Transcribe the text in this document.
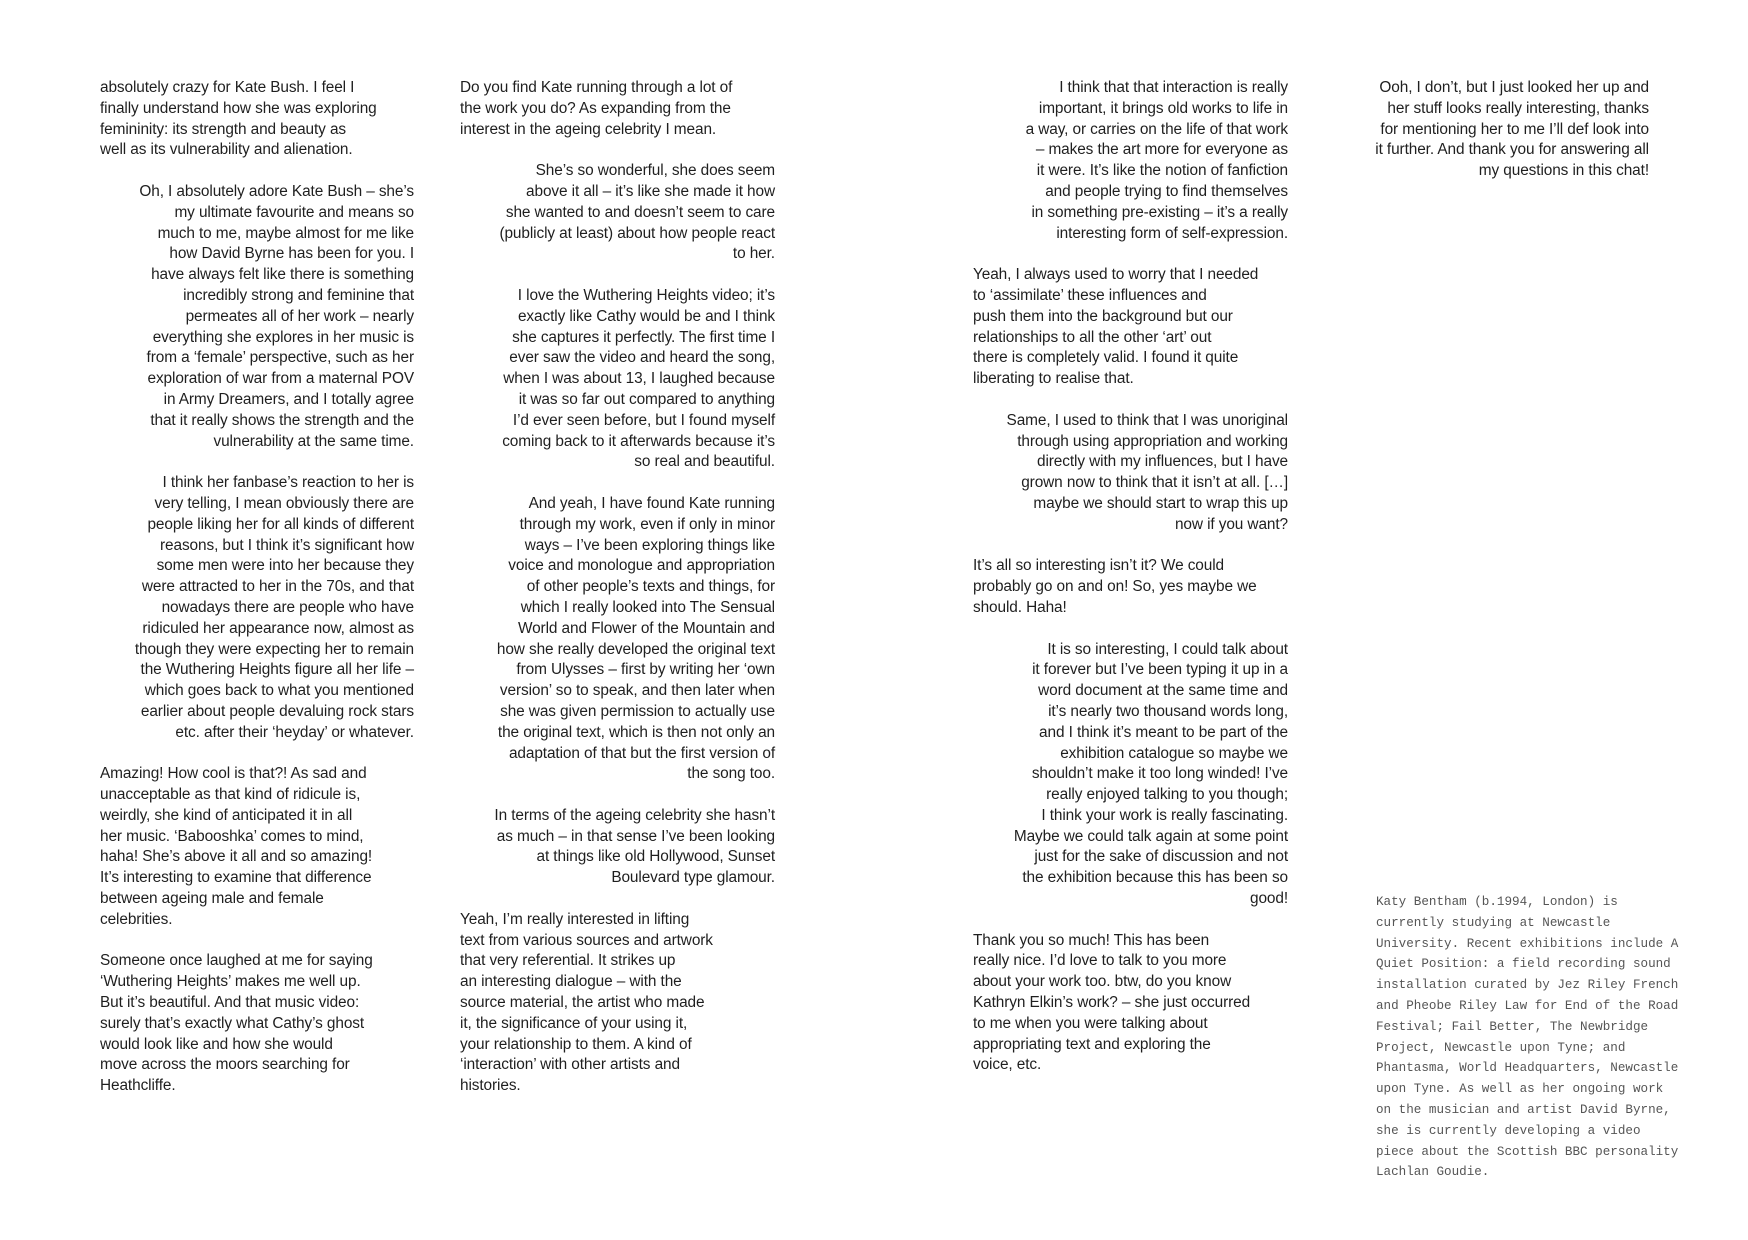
absolutely crazy for Kate Bush. I feel I
finally understand how she was exploring
femininity: its strength and beauty as
well as its vulnerability and alienation.

Oh, I absolutely adore Kate Bush – she’s
my ultimate favourite and means so
much to me, maybe almost for me like
how David Byrne has been for you. I
have always felt like there is something
incredibly strong and feminine that
permeates all of her work – nearly
everything she explores in her music is
from a ‘female’ perspective, such as her
exploration of war from a maternal POV
in Army Dreamers, and I totally agree
that it really shows the strength and the
vulnerability at the same time.

I think her fanbase’s reaction to her is
very telling, I mean obviously there are
people liking her for all kinds of different
reasons, but I think it’s significant how
some men were into her because they
were attracted to her in the 70s, and that
nowadays there are people who have
ridiculed her appearance now, almost as
though they were expecting her to remain
the Wuthering Heights figure all her life –
which goes back to what you mentioned
earlier about people devaluing rock stars
etc. after their ‘heyday’ or whatever.

Amazing! How cool is that?! As sad and
unacceptable as that kind of ridicule is,
weirdly, she kind of anticipated it in all
her music. ‘Babooshka’ comes to mind,
haha! She’s above it all and so amazing!
It’s interesting to examine that difference
between ageing male and female
celebrities.

Someone once laughed at me for saying
‘Wuthering Heights’ makes me well up.
But it’s beautiful. And that music video:
surely that’s exactly what Cathy’s ghost
would look like and how she would
move across the moors searching for
Heathcliffe.

Do you find Kate running through a lot of
the work you do? As expanding from the
interest in the ageing celebrity I mean.

She’s so wonderful, she does seem
above it all – it’s like she made it how
she wanted to and doesn’t seem to care
(publicly at least) about how people react
to her.

I love the Wuthering Heights video; it’s
exactly like Cathy would be and I think
she captures it perfectly. The first time I
ever saw the video and heard the song,
when I was about 13, I laughed because
it was so far out compared to anything
I’d ever seen before, but I found myself
coming back to it afterwards because it’s
so real and beautiful.

And yeah, I have found Kate running
through my work, even if only in minor
ways – I’ve been exploring things like
voice and monologue and appropriation
of other people’s texts and things, for
which I really looked into The Sensual
World and Flower of the Mountain and
how she really developed the original text
from Ulysses – first by writing her ‘own
version’ so to speak, and then later when
she was given permission to actually use
the original text, which is then not only an
adaptation of that but the first version of
the song too.

In terms of the ageing celebrity she hasn’t
as much – in that sense I’ve been looking
at things like old Hollywood, Sunset
Boulevard type glamour.

Yeah, I’m really interested in lifting
text from various sources and artwork
that very referential. It strikes up
an interesting dialogue – with the
source material, the artist who made
it, the significance of your using it,
your relationship to them. A kind of
‘interaction’ with other artists and
histories.

I think that that interaction is really
important, it brings old works to life in
a way, or carries on the life of that work
– makes the art more for everyone as
it were. It’s like the notion of fanfiction
and people trying to find themselves
in something pre-existing – it’s a really
interesting form of self-expression.

Yeah, I always used to worry that I needed
to ‘assimilate’ these influences and
push them into the background but our
relationships to all the other ‘art’ out
there is completely valid. I found it quite
liberating to realise that.

Same, I used to think that I was unoriginal
through using appropriation and working
directly with my influences, but I have
grown now to think that it isn’t at all. […]
maybe we should start to wrap this up
now if you want?

It’s all so interesting isn’t it? We could
probably go on and on! So, yes maybe we
should. Haha!

It is so interesting, I could talk about
it forever but I’ve been typing it up in a
word document at the same time and
it’s nearly two thousand words long,
and I think it’s meant to be part of the
exhibition catalogue so maybe we
shouldn’t make it too long winded! I’ve
really enjoyed talking to you though;
I think your work is really fascinating.
Maybe we could talk again at some point
just for the sake of discussion and not
the exhibition because this has been so
good!

Thank you so much! This has been
really nice. I’d love to talk to you more
about your work too. btw, do you know
Kathryn Elkin’s work? – she just occurred
to me when you were talking about
appropriating text and exploring the
voice, etc.

Ooh, I don’t, but I just looked her up and
her stuff looks really interesting, thanks
for mentioning her to me I’ll def look into
it further. And thank you for answering all
my questions in this chat!

Katy Bentham (b.1994, London) is
currently studying at Newcastle
University. Recent exhibitions include A
Quiet Position: a field recording sound
installation curated by Jez Riley French
and Pheobe Riley Law for End of the Road
Festival; Fail Better, The Newbridge
Project, Newcastle upon Tyne; and
Phantasma, World Headquarters, Newcastle
upon Tyne. As well as her ongoing work
on the musician and artist David Byrne,
she is currently developing a video
piece about the Scottish BBC personality
Lachlan Goudie.
